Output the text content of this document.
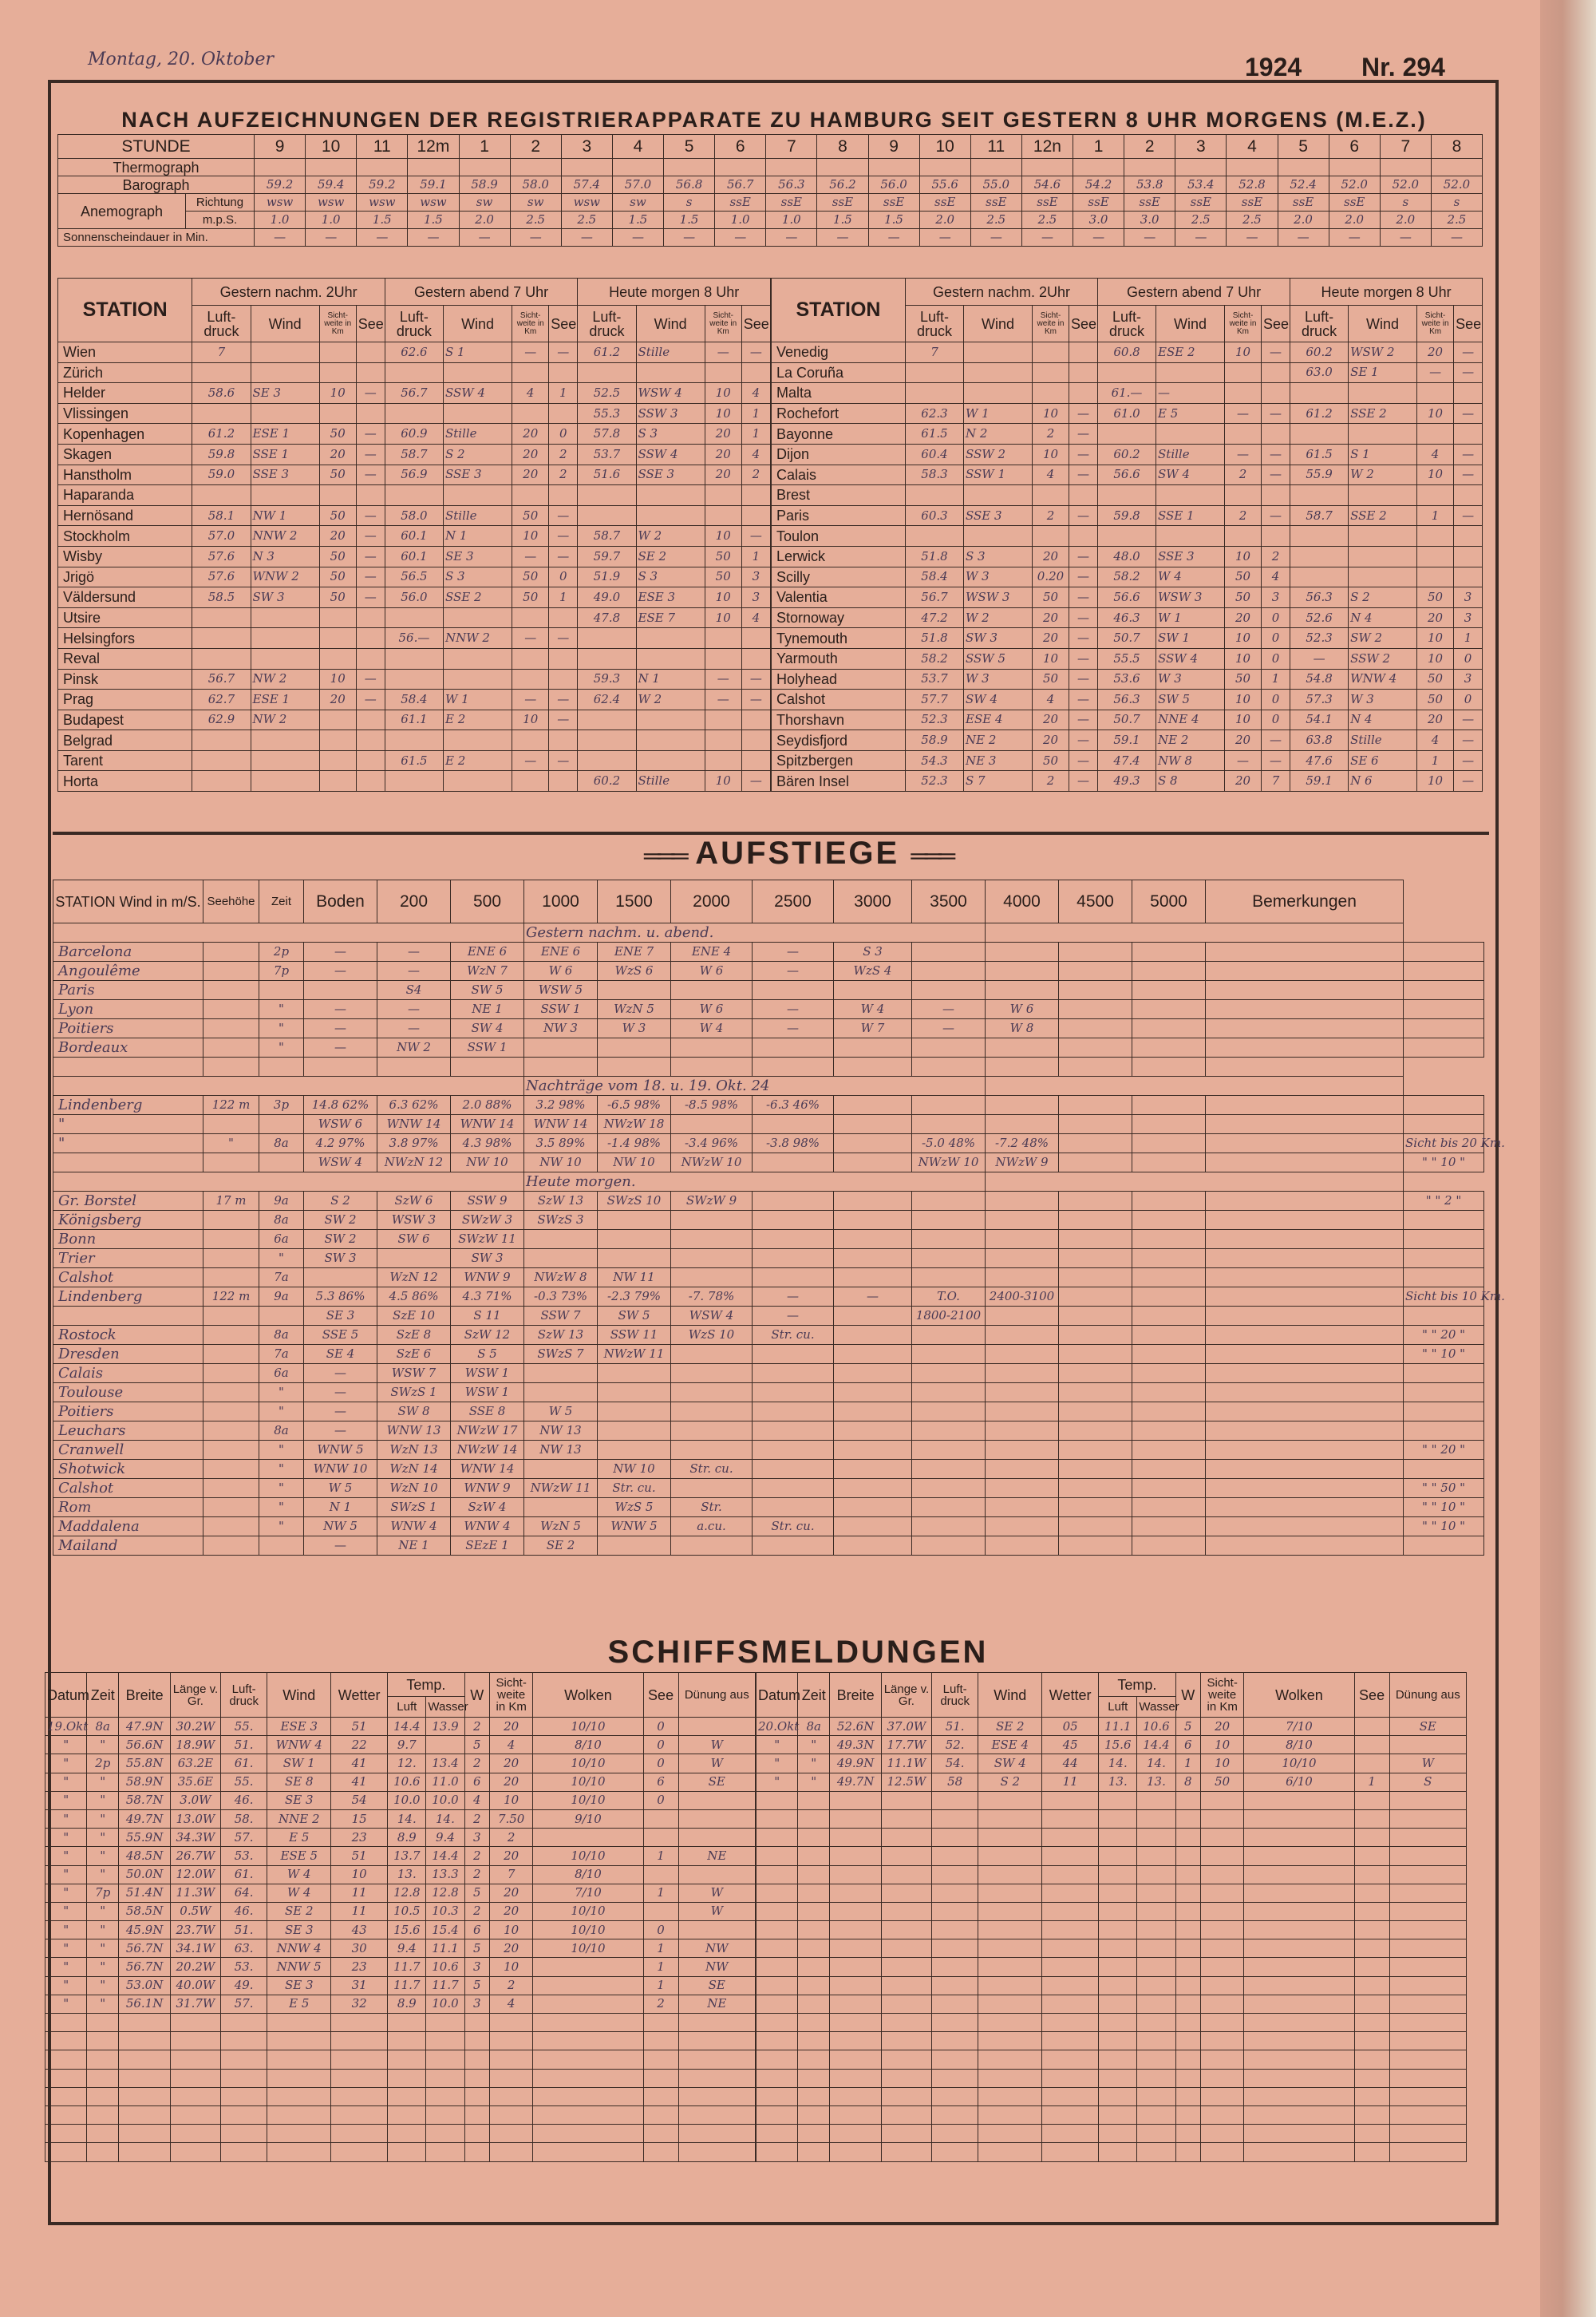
Montag, 20. Oktober	1924 Nr. 294
NACH AUFZEICHNUNGEN DER REGISTRIERAPPARATE ZU HAMBURG SEIT GESTERN 8 UHR MORGENS (M.E.Z.)
STUNDE		9	10	11	12m	1	2	3	4	5	6	7	8	9	10	11	12n	1	2	3	4	5	6	7	8
Thermograph																									
Barograph		59.2	59.4	59.2	59.1	58.9	58.0	57.4	57.0	56.8	56.7	56.3	56.2	56.0	55.6	55.0	54.6	54.2	53.8	53.4	52.8	52.4	52.0	52.0	52.0
Anemograph	Richtung	wsw	wsw	wsw	wsw	sw	sw	wsw	sw	s	ssE	ssE	ssE	ssE	ssE	ssE	ssE	ssE	ssE	ssE	ssE	ssE	ssE	s	s
	m.p.S.	1.0	1.0	1.5	1.5	2.0	2.5	2.5	1.5	1.5	1.0	1.0	1.5	1.5	2.0	2.5	2.5	3.0	3.0	2.5	2.5	2.0	2.0	2.0	2.5
Sonnenscheindauer in Min.		—	—	—	—	—	—	—	—	—	—	—	—	—	—	—	—	—	—	—	—	—	—	—	—
STATION	Gestern nachm. 2Uhr				Gestern abend 7 Uhr				Heute morgen 8 Uhr			
	Luft-druck	Wind	Sicht-weite in Km	See	Luft-druck	Wind	Sicht-weite in Km	See	Luft-druck	Wind	Sicht-weite in Km	See
Wien	7				62.6	S 1	—	—	61.2	Stille	—	—
Zürich												
Helder	58.6	SE 3	10	—	56.7	SSW 4	4	1	52.5	WSW 4	10	4
Vlissingen									55.3	SSW 3	10	1
Kopenhagen	61.2	ESE 1	50	—	60.9	Stille	20	0	57.8	S 3	20	1
Skagen	59.8	SSE 1	20	—	58.7	S 2	20	2	53.7	SSW 4	20	4
Hanstholm	59.0	SSE 3	50	—	56.9	SSE 3	20	2	51.6	SSE 3	20	2
Haparanda												
Hernösand	58.1	NW 1	50	—	58.0	Stille	50	—				
Stockholm	57.0	NNW 2	20	—	60.1	N 1	10	—	58.7	W 2	10	—
Wisby	57.6	N 3	50	—	60.1	SE 3	—	—	59.7	SE 2	50	1
Jrigö	57.6	WNW 2	50	—	56.5	S 3	50	0	51.9	S 3	50	3
Väldersund	58.5	SW 3	50	—	56.0	SSE 2	50	1	49.0	ESE 3	10	3
Utsire									47.8	ESE 7	10	4
Helsingfors					56.—	NNW 2	—	—				
Reval												
Pinsk	56.7	NW 2	10	—					59.3	N 1	—	—
Prag	62.7	ESE 1	20	—	58.4	W 1	—	—	62.4	W 2	—	—
Budapest	62.9	NW 2			61.1	E 2	10	—				
Belgrad												
Tarent					61.5	E 2	—	—				
Horta									60.2	Stille	10	—
STATION	Gestern nachm. 2Uhr				Gestern abend 7 Uhr				Heute morgen 8 Uhr			
	Luft-druck	Wind	Sicht-weite in Km	See	Luft-druck	Wind	Sicht-weite in Km	See	Luft-druck	Wind	Sicht-weite in Km	See
Venedig	7				60.8	ESE 2	10	—	60.2	WSW 2	20	—
La Coruña									63.0	SE 1	—	—
Malta					61.—	—						
Rochefort	62.3	W 1	10	—	61.0	E 5	—	—	61.2	SSE 2	10	—
Bayonne	61.5	N 2	2	—								
Dijon	60.4	SSW 2	10	—	60.2	Stille	—	—	61.5	S 1	4	—
Calais	58.3	SSW 1	4	—	56.6	SW 4	2	—	55.9	W 2	10	—
Brest												
Paris	60.3	SSE 3	2	—	59.8	SSE 1	2	—	58.7	SSE 2	1	—
Toulon												
Lerwick	51.8	S 3	20	—	48.0	SSE 3	10	2				
Scilly	58.4	W 3	0.20	—	58.2	W 4	50	4				
Valentia	56.7	WSW 3	50	—	56.6	WSW 3	50	3	56.3	S 2	50	3
Stornoway	47.2	W 2	20	—	46.3	W 1	20	0	52.6	N 4	20	3
Tynemouth	51.8	SW 3	20	—	50.7	SW 1	10	0	52.3	SW 2	10	1
Yarmouth	58.2	SSW 5	10	—	55.5	SSW 4	10	0	—	SSW 2	10	0
Holyhead	53.7	W 3	50	—	53.6	W 3	50	1	54.8	WNW 4	50	3
Calshot	57.7	SW 4	4	—	56.3	SW 5	10	0	57.3	W 3	50	0
Thorshavn	52.3	ESE 4	20	—	50.7	NNE 4	10	0	54.1	N 4	20	—
Seydisfjord	58.9	NE 2	20	—	59.1	NE 2	20	—	63.8	Stille	4	—
Spitzbergen	54.3	NE 3	50	—	47.4	NW 8	—	—	47.6	SE 6	1	—
Bären Insel	52.3	S 7	2	—	49.3	S 8	20	7	59.1	N 6	10	—
═══ AUFSTIEGE ═══
STATION Wind in m/S.	Seehöhe	Zeit	Boden	200	500	1000	1500	2000	2500	3000	3500	4000	4500	5000	Bemerkungen	
						Gestern nachm. u. abend.										
Barcelona		2p	—	—	ENE 6	ENE 6	ENE 7	ENE 4	—	S 3						
Angoulême		7p	—	—	WzN 7	W 6	WzS 6	W 6	—	WzS 4						
Paris				S4	SW 5	WSW 5										
Lyon		"	—	—	NE 1	SSW 1	WzN 5	W 6	—	W 4	—	W 6				
Poitiers		"	—	—	SW 4	NW 3	W 3	W 4	—	W 7	—	W 8				
Bordeaux		"	—	NW 2	SSW 1											

						Nachträge vom 18. u. 19. Okt. 24										
Lindenberg	122 m	3p	14.8 62%	6.3 62%	2.0 88%	3.2 98%	-6.5 98%	-8.5 98%	-6.3 46%							
"			WSW 6	WNW 14	WNW 14	WNW 14	NWzW 18									
"	"	8a	4.2 97%	3.8 97%	4.3 98%	3.5 89%	-1.4 98%	-3.4 96%	-3.8 98%		-5.0 48%	-7.2 48%				Sicht bis 20 Km.
			WSW 4	NWzN 12	NW 10	NW 10	NW 10	NWzW 10			NWzW 10	NWzW 9				" " 10 "
						Heute morgen.										
Gr. Borstel	17 m	9a	S 2	SzW 6	SSW 9	SzW 13	SWzS 10	SWzW 9								" " 2 "
Königsberg		8a	SW 2	WSW 3	SWzW 3	SWzS 3										
Bonn		6a	SW 2	SW 6	SWzW 11											
Trier		"	SW 3		SW 3											
Calshot		7a		WzN 12	WNW 9	NWzW 8	NW 11									
Lindenberg	122 m	9a	5.3 86%	4.5 86%	4.3 71%	-0.3 73%	-2.3 79%	-7. 78%	—	—	T.O.	2400-3100				Sicht bis 10 Km.
			SE 3	SzE 10	S 11	SSW 7	SW 5	WSW 4	—		1800-2100					
Rostock		8a	SSE 5	SzE 8	SzW 12	SzW 13	SSW 11	WzS 10	Str. cu.							" " 20 "
Dresden		7a	SE 4	SzE 6	S 5	SWzS 7	NWzW 11									" " 10 "
Calais		6a	—	WSW 7	WSW 1											
Toulouse		"	—	SWzS 1	WSW 1											
Poitiers		"	—	SW 8	SSE 8	W 5										
Leuchars		8a	—	WNW 13	NWzW 17	NW 13										
Cranwell		"	WNW 5	WzN 13	NWzW 14	NW 13										" " 20 "
Shotwick		"	WNW 10	WzN 14	WNW 14		NW 10	Str. cu.								
Calshot		"	W 5	WzN 10	WNW 9	NWzW 11	Str. cu.									" " 50 "
Rom		"	N 1	SWzS 1	SzW 4		WzS 5	Str.								" " 10 "
Maddalena		"	NW 5	WNW 4	WNW 4	WzN 5	WNW 5	a.cu.	Str. cu.							" " 10 "
Mailand			—	NE 1	SEzE 1	SE 2										
SCHIFFSMELDUNGEN
Datum	Zeit	Breite	Länge v. Gr.	Luft-druck	Wind	Wetter	Temp.		W	Sicht-weite in Km	Wolken	See	Dünung aus
							Luft	Wasser					
19.Okt	8a	47.9N	30.2W	55.	ESE 3	51	14.4	13.9	2	20	10/10	0	
"	"	56.6N	18.9W	51.	WNW 4	22	9.7		5	4	8/10	0	W
"	2p	55.8N	63.2E	61.	SW 1	41	12.	13.4	2	20	10/10	0	W
"	"	58.9N	35.6E	55.	SE 8	41	10.6	11.0	6	20	10/10	6	SE
"	"	58.7N	3.0W	46.	SE 3	54	10.0	10.0	4	10	10/10	0	
"	"	49.7N	13.0W	58.	NNE 2	15	14.	14.	2	7.50	9/10		
"	"	55.9N	34.3W	57.	E 5	23	8.9	9.4	3	2			
"	"	48.5N	26.7W	53.	ESE 5	51	13.7	14.4	2	20	10/10	1	NE
"	"	50.0N	12.0W	61.	W 4	10	13.	13.3	2	7	8/10		
"	7p	51.4N	11.3W	64.	W 4	11	12.8	12.8	5	20	7/10	1	W
"	"	58.5N	0.5W	46.	SE 2	11	10.5	10.3	2	20	10/10		W
"	"	45.9N	23.7W	51.	SE 3	43	15.6	15.4	6	10	10/10	0	
"	"	56.7N	34.1W	63.	NNW 4	30	9.4	11.1	5	20	10/10	1	NW
"	"	56.7N	20.2W	53.	NNW 5	23	11.7	10.6	3	10		1	NW
"	"	53.0N	40.0W	49.	SE 3	31	11.7	11.7	5	2		1	SE
"	"	56.1N	31.7W	57.	E 5	32	8.9	10.0	3	4		2	NE

Datum	Zeit	Breite	Länge v. Gr.	Luft-druck	Wind	Wetter	Temp.		W	Sicht-weite in Km	Wolken	See	Dünung aus
							Luft	Wasser					
20.Okt	8a	52.6N	37.0W	51.	SE 2	05	11.1	10.6	5	20	7/10		SE
"	"	49.3N	17.7W	52.	ESE 4	45	15.6	14.4	6	10	8/10		
"	"	49.9N	11.1W	54.	SW 4	44	14.	14.	1	10	10/10		W
"	"	49.7N	12.5W	58	S 2	11	13.	13.	8	50	6/10	1	S
